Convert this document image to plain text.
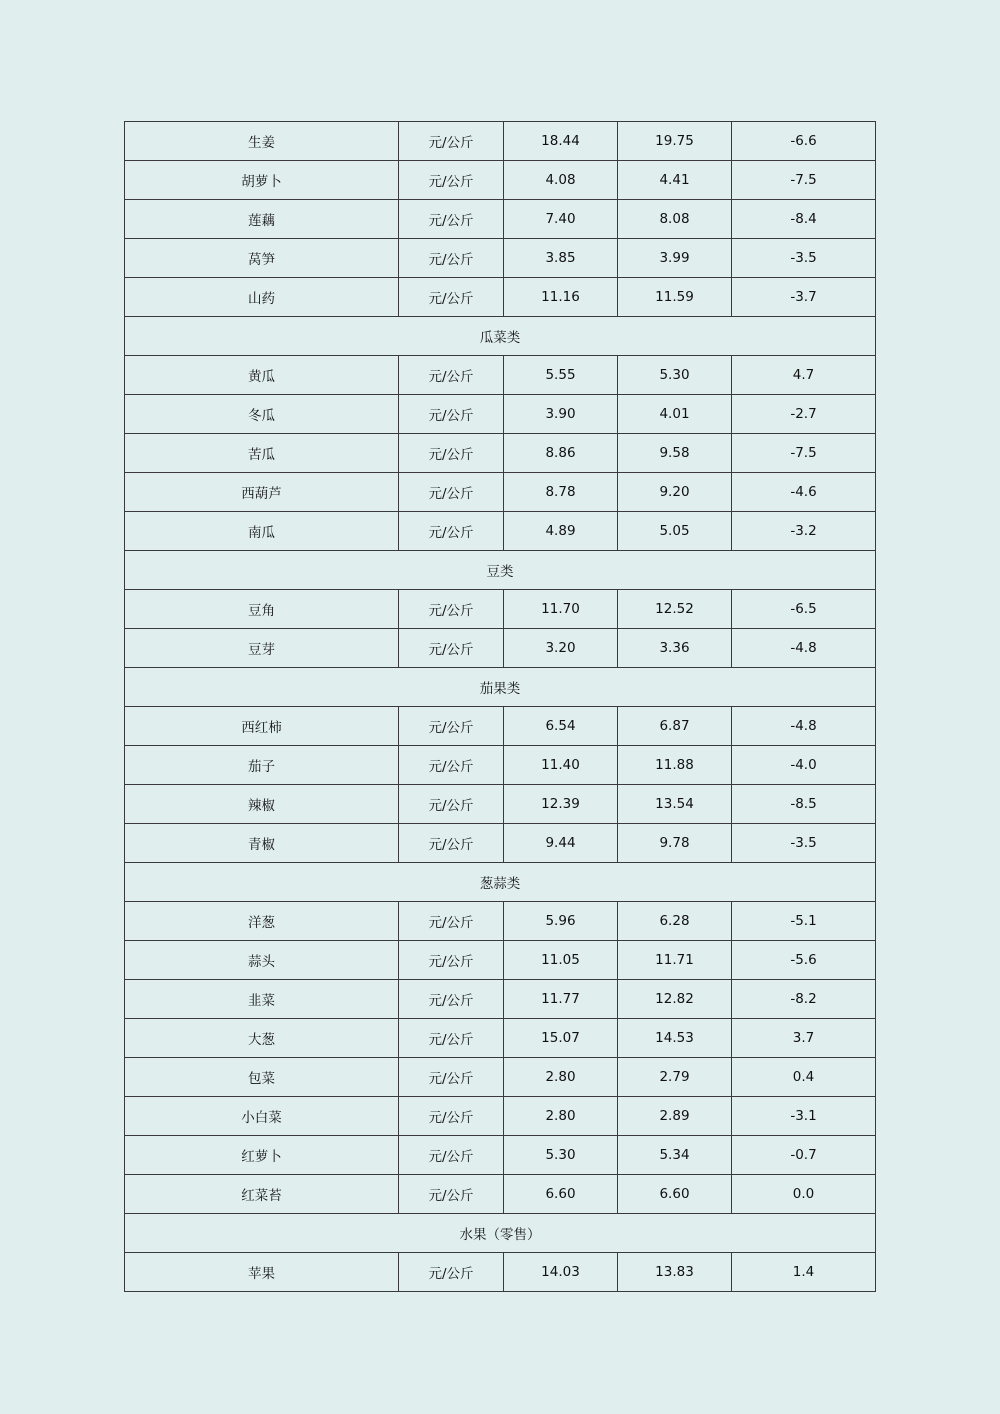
生姜	元/公斤	18.44	19.75	-6.6
胡萝卜	元/公斤	4.08	4.41	-7.5
莲藕	元/公斤	7.40	8.08	-8.4
莴笋	元/公斤	3.85	3.99	-3.5
山药	元/公斤	11.16	11.59	-3.7
瓜菜类				
黄瓜	元/公斤	5.55	5.30	4.7
冬瓜	元/公斤	3.90	4.01	-2.7
苦瓜	元/公斤	8.86	9.58	-7.5
西葫芦	元/公斤	8.78	9.20	-4.6
南瓜	元/公斤	4.89	5.05	-3.2
豆类				
豆角	元/公斤	11.70	12.52	-6.5
豆芽	元/公斤	3.20	3.36	-4.8
茄果类				
西红柿	元/公斤	6.54	6.87	-4.8
茄子	元/公斤	11.40	11.88	-4.0
辣椒	元/公斤	12.39	13.54	-8.5
青椒	元/公斤	9.44	9.78	-3.5
葱蒜类				
洋葱	元/公斤	5.96	6.28	-5.1
蒜头	元/公斤	11.05	11.71	-5.6
韭菜	元/公斤	11.77	12.82	-8.2
大葱	元/公斤	15.07	14.53	3.7
包菜	元/公斤	2.80	2.79	0.4
小白菜	元/公斤	2.80	2.89	-3.1
红萝卜	元/公斤	5.30	5.34	-0.7
红菜苔	元/公斤	6.60	6.60	0.0
水果（零售）				
苹果	元/公斤	14.03	13.83	1.4
